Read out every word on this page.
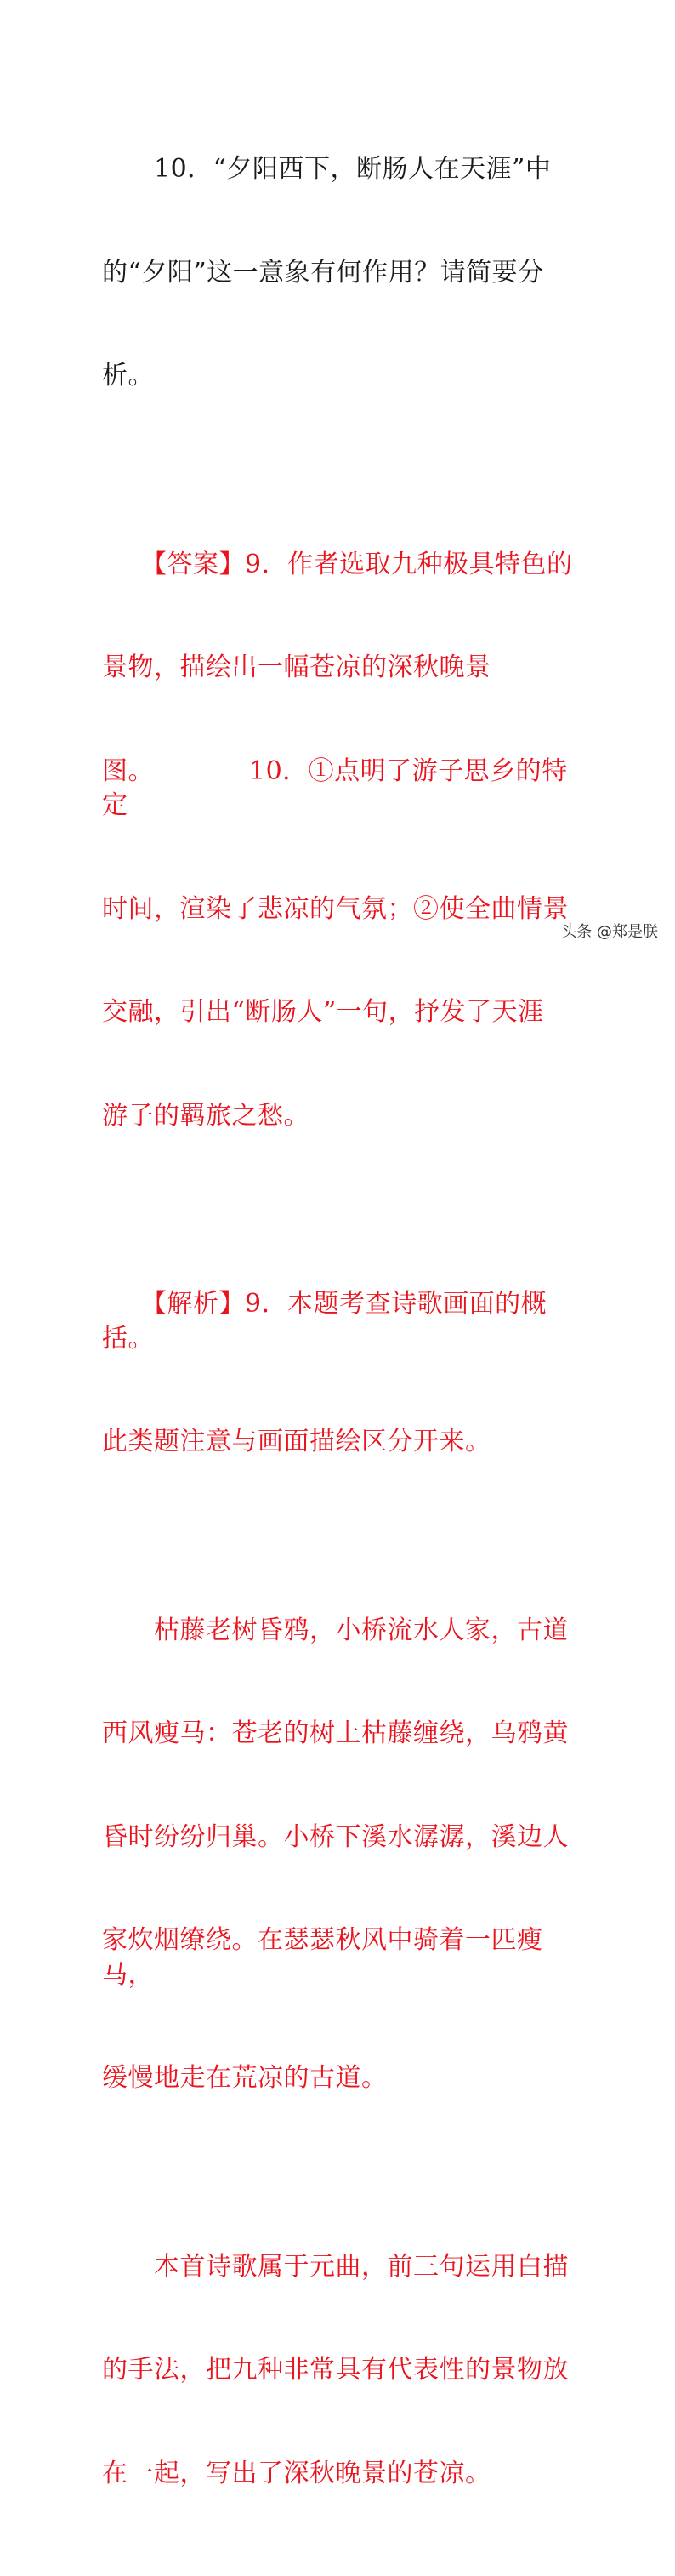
　　10．“夕阳西下，断肠人在天涯”中

的“夕阳”这一意象有何作用？请简要分

析。

　　【答案】9．作者选取九种极具特色的

景物，描绘出一幅苍凉的深秋晚景

图。	10．①点明了游子思乡的特定

时间，渲染了悲凉的气氛；②使全曲情景

交融，引出“断肠人”一句，抒发了天涯

游子的羁旅之愁。

　　【解析】9．本题考查诗歌画面的概括。

此类题注意与画面描绘区分开来。

　　枯藤老树昏鸦，小桥流水人家，古道

西风瘦马：苍老的树上枯藤缠绕，乌鸦黄

昏时纷纷归巢。小桥下溪水潺潺，溪边人

家炊烟缭绕。在瑟瑟秋风中骑着一匹瘦马，

缓慢地走在荒凉的古道。

　　本首诗歌属于元曲，前三句运用白描

的手法，把九种非常具有代表性的景物放

在一起，写出了深秋晚景的苍凉。

头条 @郑是朕
